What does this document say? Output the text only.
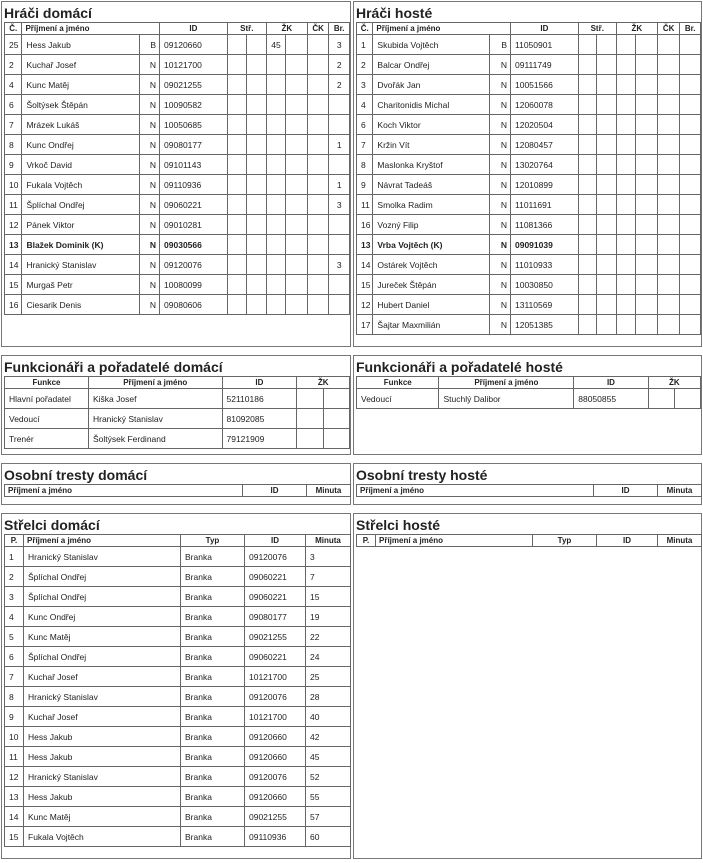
Hráči domácí
Č.	Příjmení a jméno		ID	Stř.		ŽK		ČK	Br.
25	Hess Jakub	B	09120660			45			3
2	Kuchař Josef	N	10121700						2
4	Kunc Matěj	N	09021255						2
6	Šoltýsek Štěpán	N	10090582						
7	Mrázek Lukáš	N	10050685						
8	Kunc Ondřej	N	09080177						1
9	Vrkoč David	N	09101143						
10	Fukala Vojtěch	N	09110936						1
11	Šplíchal Ondřej	N	09060221						3
12	Pánek Viktor	N	09010281						
13	Blažek Dominik (K)	N	09030566						
14	Hranický Stanislav	N	09120076						3
15	Murgaš Petr	N	10080099						
16	Ciesarik Denis	N	09080606						
Hráči hosté
Č.	Příjmení a jméno		ID	Stř.		ŽK		ČK	Br.
1	Skubida Vojtěch	B	11050901						
2	Balcar Ondřej	N	09111749						
3	Dvořák Jan	N	10051566						
4	Charitonidis Michal	N	12060078						
6	Koch Viktor	N	12020504						
7	Kržin Vít	N	12080457						
8	Maslonka Kryštof	N	13020764						
9	Návrat Tadeáš	N	12010899						
11	Smolka Radim	N	11011691						
16	Vozný Filip	N	11081366						
13	Vrba Vojtěch (K)	N	09091039						
14	Ostárek Vojtěch	N	11010933						
15	Jureček Štěpán	N	10030850						
12	Hubert Daniel	N	13110569						
17	Šajtar Maxmilián	N	12051385						
Funkcionáři a pořadatelé domácí
Funkce	Příjmení a jméno	ID	ŽK	
Hlavní pořadatel	Kiška Josef	52110186		
Vedoucí	Hranický Stanislav	81092085		
Trenér	Šoltýsek Ferdinand	79121909		
Funkcionáři a pořadatelé hosté
Funkce	Příjmení a jméno	ID	ŽK	
Vedoucí	Stuchlý Dalibor	88050855		
Osobní tresty domácí
Příjmení a jméno	ID	Minuta
Osobní tresty hosté
Příjmení a jméno	ID	Minuta
Střelci domácí
P.	Příjmení a jméno	Typ	ID	Minuta
1	Hranický Stanislav	Branka	09120076	3
2	Šplíchal Ondřej	Branka	09060221	7
3	Šplíchal Ondřej	Branka	09060221	15
4	Kunc Ondřej	Branka	09080177	19
5	Kunc Matěj	Branka	09021255	22
6	Šplíchal Ondřej	Branka	09060221	24
7	Kuchař Josef	Branka	10121700	25
8	Hranický Stanislav	Branka	09120076	28
9	Kuchař Josef	Branka	10121700	40
10	Hess Jakub	Branka	09120660	42
11	Hess Jakub	Branka	09120660	45
12	Hranický Stanislav	Branka	09120076	52
13	Hess Jakub	Branka	09120660	55
14	Kunc Matěj	Branka	09021255	57
15	Fukala Vojtěch	Branka	09110936	60
Střelci hosté
P.	Příjmení a jméno	Typ	ID	Minuta
